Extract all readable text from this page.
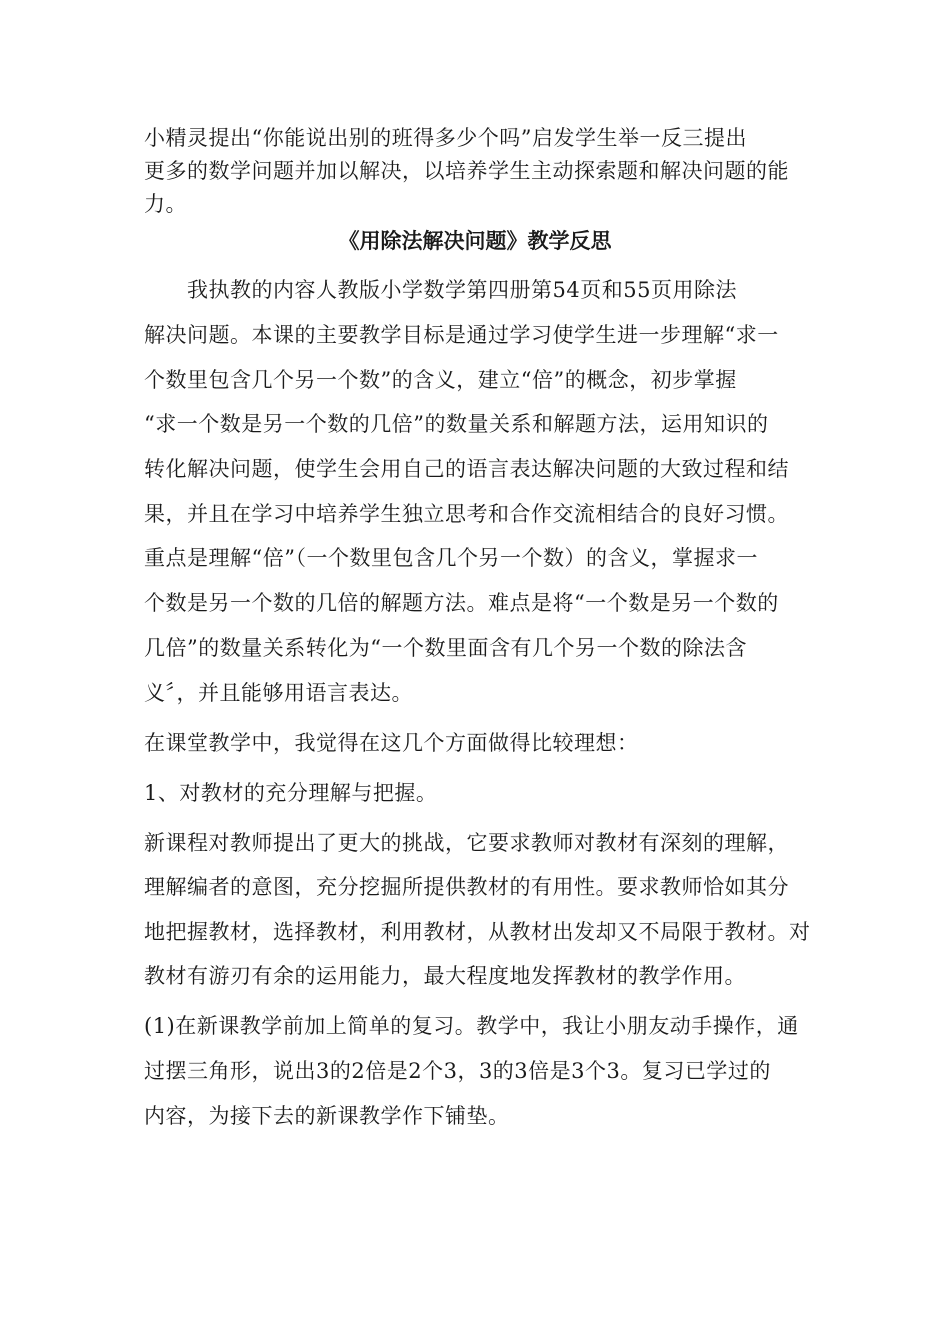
小精灵提出“你能说出别的班得多少个吗”启发学生举一反三提出
更多的数学问题并加以解决，以培养学生主动探索题和解决问题的能
力。
《用除法解决问题》教学反思
　　我执教的内容人教版小学数学第四册第54页和55页用除法
解决问题。本课的主要教学目标是通过学习使学生进一步理解“求一
个数里包含几个另一个数”的含义，建立“倍”的概念，初步掌握
“求一个数是另一个数的几倍”的数量关系和解题方法，运用知识的
转化解决问题，使学生会用自己的语言表达解决问题的大致过程和结
果，并且在学习中培养学生独立思考和合作交流相结合的良好习惯。
重点是理解“倍”（一个数里包含几个另一个数）的含义，掌握求一
个数是另一个数的几倍的解题方法。难点是将“一个数是另一个数的
几倍”的数量关系转化为“一个数里面含有几个另一个数的除法含
义〞，并且能够用语言表达。
在课堂教学中，我觉得在这几个方面做得比较理想：
1、对教材的充分理解与把握。
新课程对教师提出了更大的挑战，它要求教师对教材有深刻的理解，
理解编者的意图，充分挖掘所提供教材的有用性。要求教师恰如其分
地把握教材，选择教材，利用教材，从教材出发却又不局限于教材。对
教材有游刃有余的运用能力，最大程度地发挥教材的教学作用。
(1)在新课教学前加上简单的复习。教学中，我让小朋友动手操作，通
过摆三角形，说出3的2倍是2个3，3的3倍是3个3。复习已学过的
内容，为接下去的新课教学作下铺垫。
